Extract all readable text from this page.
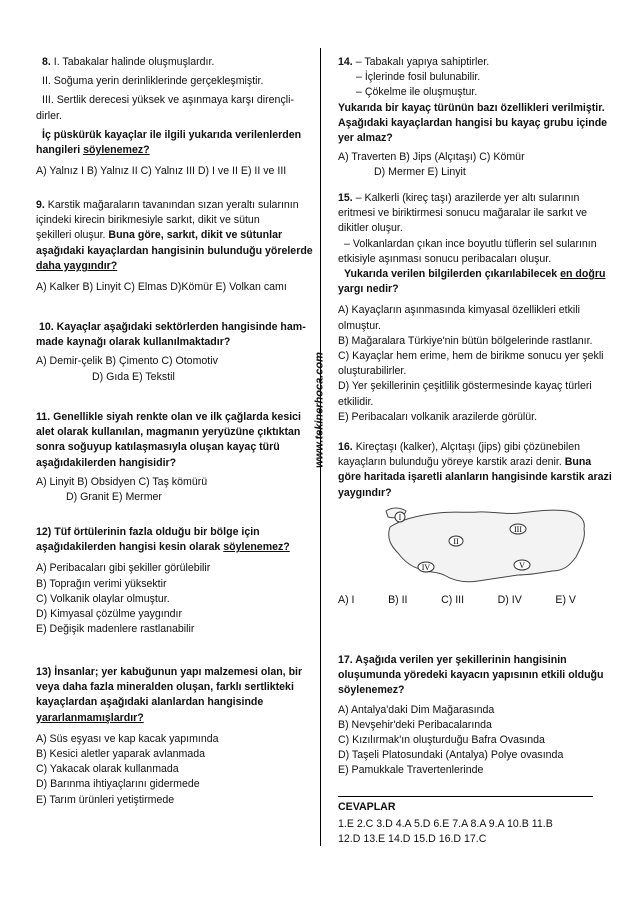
www.tekinerhoca.com
8. I. Tabakalar halinde oluşmuşlardır.
II. Soğuma yerin derinliklerinde gerçekleşmiştir.
III. Sertlik derecesi yüksek ve aşınmaya karşı dirençli-
dirler.
İç püskürük kayaçlar ile ilgili yukarıda verilenlerden
hangileri söylenemez?
A) Yalnız I B) Yalnız II C) Yalnız III D) I ve II E) II ve III
9. Karstik mağaraların tavanından sızan yeraltı sularının
içindeki kirecin birikmesiyle sarkıt, dikit ve sütun
şekilleri oluşur. Buna göre, sarkıt, dikit ve sütunlar
aşağıdaki kayaçlardan hangisinin bulunduğu yörelerde
daha yaygındır?
A) Kalker B) Linyit C) Elmas D)Kömür E) Volkan camı
10. Kayaçlar aşağıdaki sektörlerden hangisinde ham-
made kaynağı olarak kullanılmaktadır?
A) Demir-çelik B) Çimento C) Otomotiv
D) Gıda E) Tekstil
11. Genellikle siyah renkte olan ve ilk çağlarda kesici
alet olarak kullanılan, magmanın yeryüzüne çıktıktan
sonra soğuyup katılaşmasıyla oluşan kayaç türü
aşağıdakilerden hangisidir?
A) Linyit B) Obsidyen C) Taş kömürü
D) Granit E) Mermer
12) Tüf örtülerinin fazla olduğu bir bölge için
aşağıdakilerden hangisi kesin olarak söylenemez?
A) Peribacaları gibi şekiller görülebilir
B) Toprağın verimi yüksektir
C) Volkanik olaylar olmuştur.
D) Kimyasal çözülme yaygındır
E) Değişik madenlere rastlanabilir
13) İnsanlar; yer kabuğunun yapı malzemesi olan, bir
veya daha fazla mineralden oluşan, farklı sertlikteki
kayaçlardan aşağıdaki alanlardan hangisinde
yararlanmamışlardır?
A) Süs eşyası ve kap kacak yapımında
B) Kesici aletler yaparak avlanmada
C) Yakacak olarak kullanmada
D) Barınma ihtiyaçlarını gidermede
E) Tarım ürünleri yetiştirmede
14. – Tabakalı yapıya sahiptirler.
– İçlerinde fosil bulunabilir.
– Çökelme ile oluşmuştur.
Yukarıda bir kayaç türünün bazı özellikleri verilmiştir.
Aşağıdaki kayaçlardan hangisi bu kayaç grubu içinde
yer almaz?
A) Traverten B) Jips (Alçıtaşı) C) Kömür
D) Mermer E) Linyit
15. – Kalkerli (kireç taşı) arazilerde yer altı sularının
eritmesi ve biriktirmesi sonucu mağaralar ile sarkıt ve
dikitler oluşur.
– Volkanlardan çıkan ince boyutlu tüflerin sel sularının
etkisiyle aşınması sonucu peribacaları oluşur.
Yukarıda verilen bilgilerden çıkarılabilecek en doğru
yargı nedir?
A) Kayaçların aşınmasında kimyasal özellikleri etkili
olmuştur.
B) Mağaralara Türkiye'nin bütün bölgelerinde rastlanır.
C) Kayaçlar hem erime, hem de birikme sonucu yer şekli
oluşturabilirler.
D) Yer şekillerinin çeşitlilik göstermesinde kayaç türleri
etkilidir.
E) Peribacaları volkanik arazilerde görülür.
16. Kireçtaşı (kalker), Alçıtaşı (jips) gibi çözünebilen
kayaçların bulunduğu yöreye karstik arazi denir. Buna
göre haritada işaretli alanların hangisinde karstik arazi
yaygındır?
I
II
III
IV	V
A) I	B) II	C) III	D) IV	E) V
17. Aşağıda verilen yer şekillerinin hangisinin
oluşumunda yöredeki kayacın yapısının etkili olduğu
söylenemez?
A) Antalya'daki Dim Mağarasında
B) Nevşehir'deki Peribacalarında
C) Kızılırmak'ın oluşturduğu Bafra Ovasında
D) Taşeli Platosundaki (Antalya) Polye ovasında
E) Pamukkale Travertenlerinde
CEVAPLAR
1.E 2.C 3.D 4.A 5.D 6.E 7.A 8.A 9.A 10.B 11.B
12.D 13.E 14.D 15.D 16.D 17.C
